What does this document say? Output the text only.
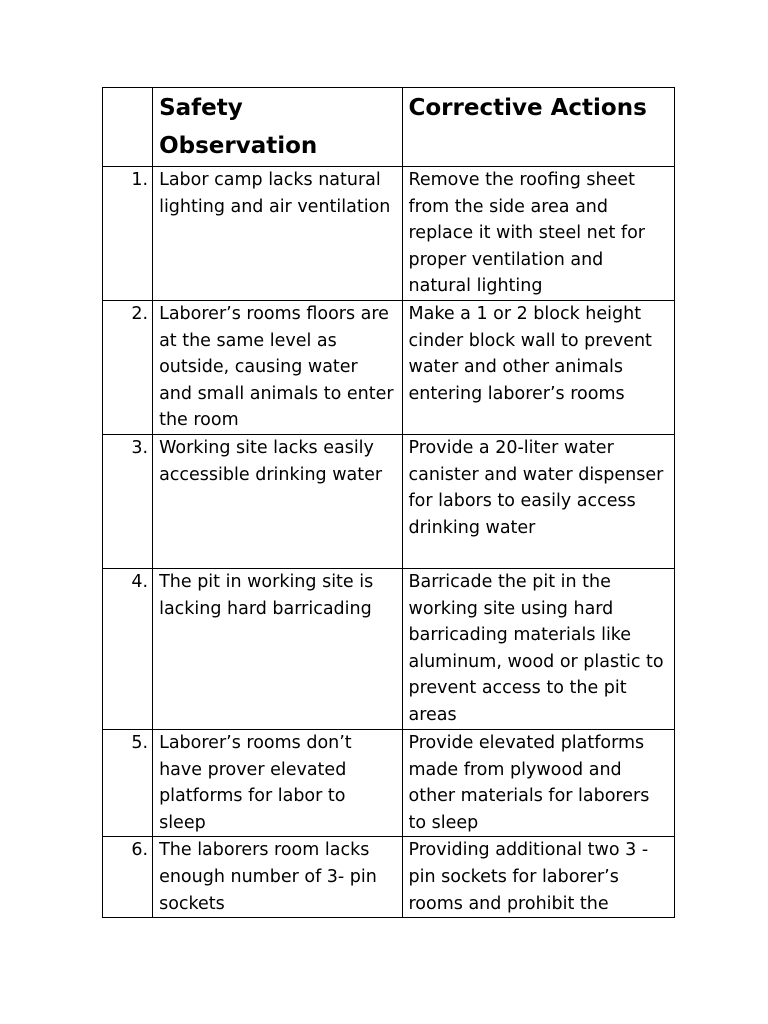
	Safety Observation	Corrective Actions
1.	Labor camp lacks natural lighting and air ventilation	Remove the roofing sheet from the side area and replace it with steel net for proper ventilation and natural lighting
2.	Laborer’s rooms floors are at the same level as outside, causing water and small animals to enter the room	Make a 1 or 2 block height cinder block wall to prevent water and other animals entering laborer’s rooms
3.	Working site lacks easily accessible drinking water	Provide a 20-liter water canister and water dispenser for labors to easily access drinking water
4.	The pit in working site is lacking hard barricading	Barricade the pit in the working site using hard barricading materials like aluminum, wood or plastic to prevent access to the pit areas
5.	Laborer’s rooms don’t have prover elevated platforms for labor to sleep	Provide elevated platforms made from plywood and other materials for laborers to sleep
6.	The laborers room lacks enough number of 3- pin sockets	Providing additional two 3 -pin sockets for laborer’s rooms and prohibit the
